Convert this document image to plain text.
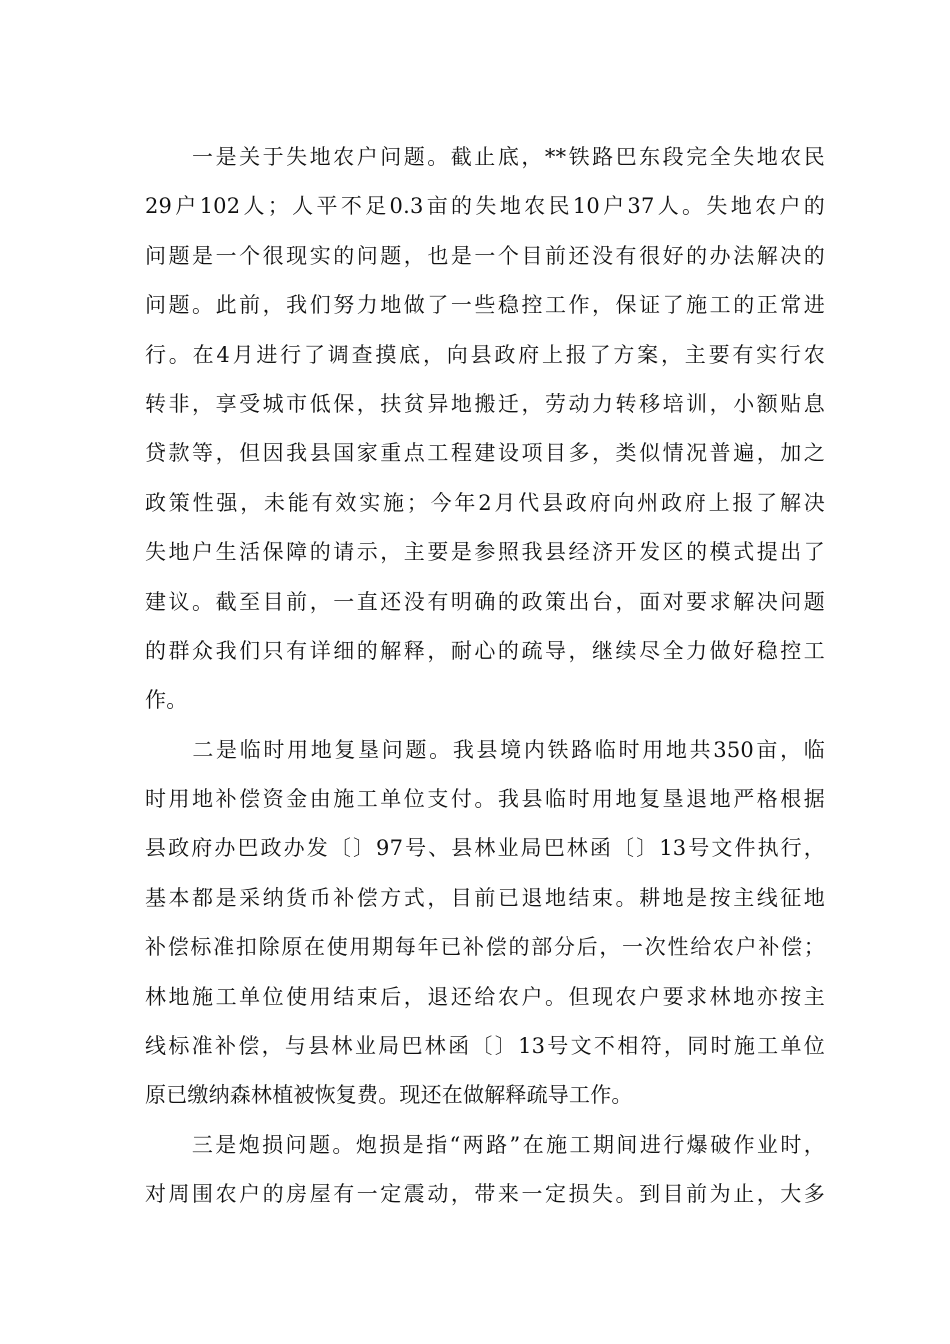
　　一是关于失地农户问题。截止底，**铁路巴东段完全失地农民
29户102人；人平不足0.3亩的失地农民10户37人。失地农户的
问题是一个很现实的问题，也是一个目前还没有很好的办法解决的
问题。此前，我们努力地做了一些稳控工作，保证了施工的正常进
行。在4月进行了调查摸底，向县政府上报了方案，主要有实行农
转非，享受城市低保，扶贫异地搬迁，劳动力转移培训，小额贴息
贷款等，但因我县国家重点工程建设项目多，类似情况普遍，加之
政策性强，未能有效实施；今年2月代县政府向州政府上报了解决
失地户生活保障的请示，主要是参照我县经济开发区的模式提出了
建议。截至目前，一直还没有明确的政策出台，面对要求解决问题
的群众我们只有详细的解释，耐心的疏导，继续尽全力做好稳控工
作。
　　二是临时用地复垦问题。我县境内铁路临时用地共350亩，临
时用地补偿资金由施工单位支付。我县临时用地复垦退地严格根据
县政府办巴政办发〔〕97号、县林业局巴林函〔〕13号文件执行，
基本都是采纳货币补偿方式，目前已退地结束。耕地是按主线征地
补偿标准扣除原在使用期每年已补偿的部分后，一次性给农户补偿；
林地施工单位使用结束后，退还给农户。但现农户要求林地亦按主
线标准补偿，与县林业局巴林函〔〕13号文不相符，同时施工单位
原已缴纳森林植被恢复费。现还在做解释疏导工作。
　　三是炮损问题。炮损是指“两路”在施工期间进行爆破作业时，
对周围农户的房屋有一定震动，带来一定损失。到目前为止，大多
